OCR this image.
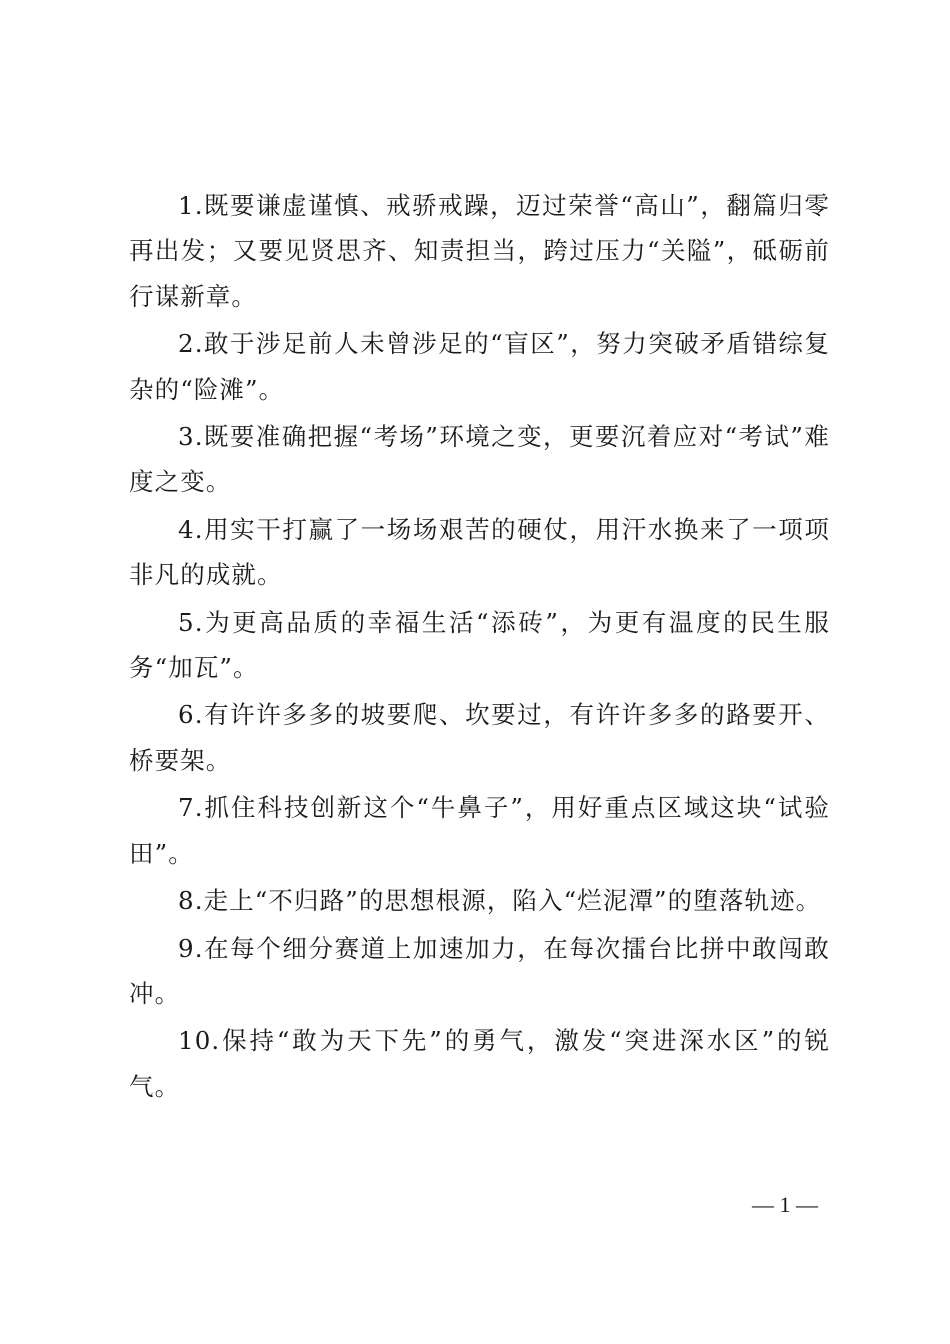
1.既要谦虚谨慎、戒骄戒躁，迈过荣誉“高山”，翻篇归零再出发；又要见贤思齐、知责担当，跨过压力“关隘”，砥砺前行谋新章。

2.敢于涉足前人未曾涉足的“盲区”，努力突破矛盾错综复杂的“险滩”。

3.既要准确把握“考场”环境之变，更要沉着应对“考试”难度之变。

4.用实干打赢了一场场艰苦的硬仗，用汗水换来了一项项非凡的成就。

5.为更高品质的幸福生活“添砖”，为更有温度的民生服务“加瓦”。

6.有许许多多的坡要爬、坎要过，有许许多多的路要开、桥要架。

7.抓住科技创新这个“牛鼻子”，用好重点区域这块“试验田”。

8.走上“不归路”的思想根源，陷入“烂泥潭”的堕落轨迹。

9.在每个细分赛道上加速加力，在每次擂台比拼中敢闯敢冲。

10.保持“敢为天下先”的勇气，激发“突进深水区”的锐气。

— 1 —
